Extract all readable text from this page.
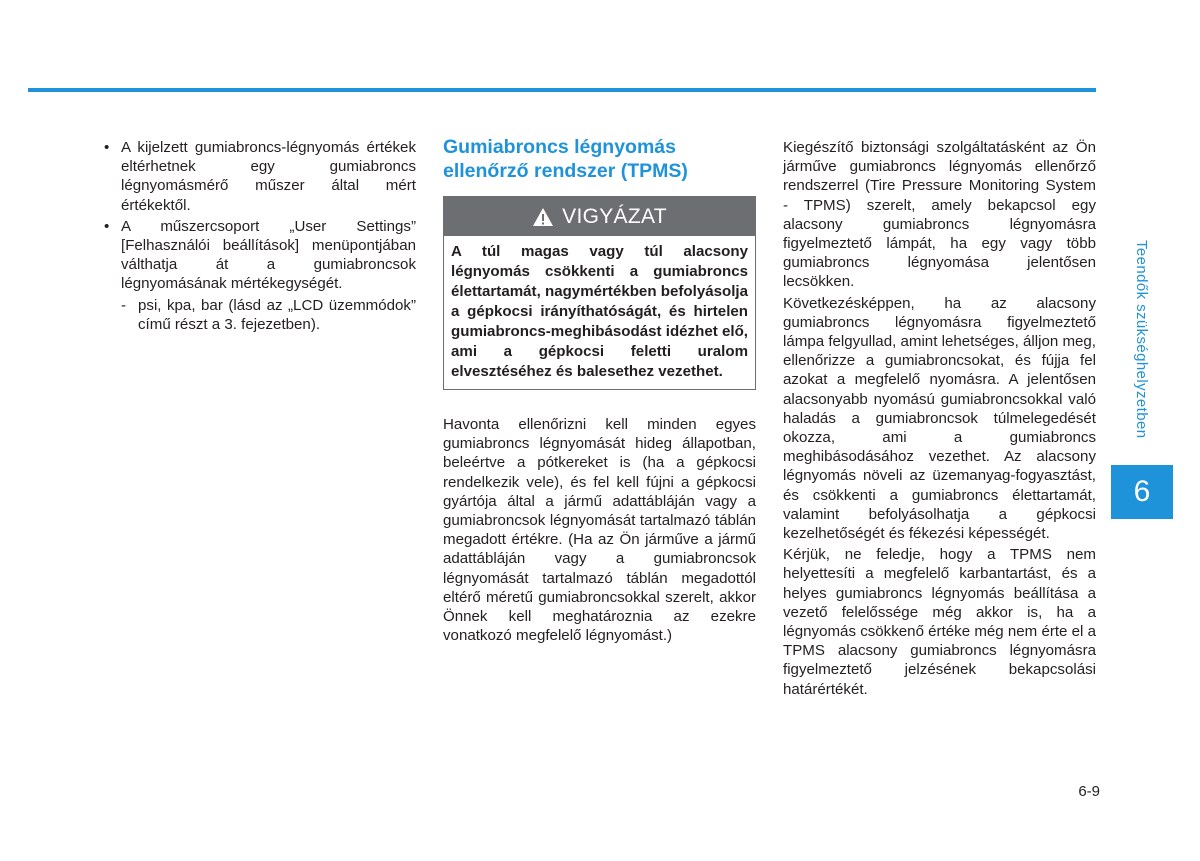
• A kijelzett gumiabroncs-légnyomás értékek eltérhetnek egy gumiabroncs légnyomásmérő műszer által mért értékektől.
• A műszercsoport „User Settings” [Felhasználói beállítások] menüpontjában válthatja át a gumiabroncsok légnyomásának mértékegységét.
- psi, kpa, bar (lásd az „LCD üzemmódok” című részt a 3. fejezetben).
Gumiabroncs légnyomás ellenőrző rendszer (TPMS)
VIGYÁZAT
A túl magas vagy túl alacsony légnyomás csökkenti a gumiabroncs élettartamát, nagymértékben befolyásolja a gépkocsi irányíthatóságát, és hirtelen gumiabroncs-meghibásodást idézhet elő, ami a gépkocsi feletti uralom elvesztéséhez és balesethez vezethet.
Havonta ellenőrizni kell minden egyes gumiabroncs légnyomását hideg állapotban, beleértve a pótkereket is (ha a gépkocsi rendelkezik vele), és fel kell fújni a gépkocsi gyártója által a jármű adattábláján vagy a gumiabroncsok légnyomását tartalmazó táblán megadott értékre. (Ha az Ön járműve a jármű adattábláján vagy a gumiabroncsok légnyomását tartalmazó táblán megadottól eltérő méretű gumiabroncsokkal szerelt, akkor Önnek kell meghatároznia az ezekre vonatkozó megfelelő légnyomást.)
Kiegészítő biztonsági szolgáltatásként az Ön járműve gumiabroncs légnyomás ellenőrző rendszerrel (Tire Pressure Monitoring System - TPMS) szerelt, amely bekapcsol egy alacsony gumiabroncs légnyomásra figyelmeztető lámpát, ha egy vagy több gumiabroncs légnyomása jelentősen lecsökken.
Következésképpen, ha az alacsony gumiabroncs légnyomásra figyelmeztető lámpa felgyullad, amint lehetséges, álljon meg, ellenőrizze a gumiabroncsokat, és fújja fel azokat a megfelelő nyomásra. A jelentősen alacsonyabb nyomású gumiabroncsokkal való haladás a gumiabroncsok túlmelegedését okozza, ami a gumiabroncs meghibásodásához vezethet. Az alacsony légnyomás növeli az üzemanyag-fogyasztást, és csökkenti a gumiabroncs élettartamát, valamint befolyásolhatja a gépkocsi kezelhetőségét és fékezési képességét.
Kérjük, ne feledje, hogy a TPMS nem helyettesíti a megfelelő karbantartást, és a helyes gumiabroncs légnyomás beállítása a vezető felelőssége még akkor is, ha a légnyomás csökkenő értéke még nem érte el a TPMS alacsony gumiabroncs légnyomásra figyelmeztető jelzésének bekapcsolási határértékét.
Teendők szükséghelyzetben
6
6-9
